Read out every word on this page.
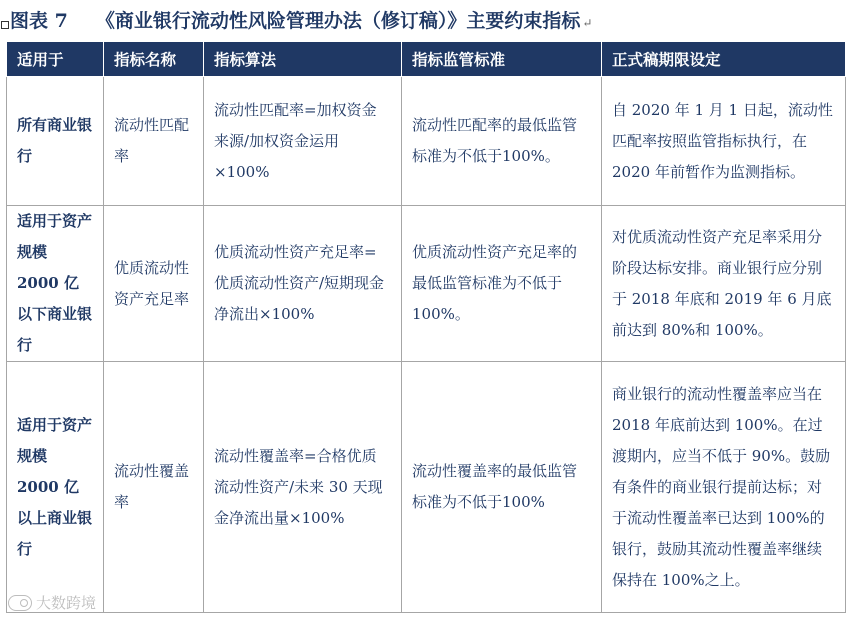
图表 7 《商业银行流动性风险管理办法（修订稿）》主要约束指标 ↵
适用于	指标名称	指标算法	指标监管标准	正式稿期限设定
所有商业银行	流动性匹配率	流动性匹配率=加权资金来源/加权资金运用×100%	流动性匹配率的最低监管标准为不低于100%。	自 2020 年 1 月 1 日起，流动性匹配率按照监管指标执行，在 2020 年前暂作为监测指标。
适用于资产规模 2000 亿以下商业银行	优质流动性资产充足率	优质流动性资产充足率=优质流动性资产/短期现金净流出×100%	优质流动性资产充足率的最低监管标准为不低于 100%。	对优质流动性资产充足率采用分阶段达标安排。商业银行应分别于 2018 年底和 2019 年 6 月底前达到 80%和 100%。
适用于资产规模 2000 亿以上商业银行	流动性覆盖率	流动性覆盖率=合格优质流动性资产/未来 30 天现金净流出量×100%	流动性覆盖率的最低监管标准为不低于100%	商业银行的流动性覆盖率应当在 2018 年底前达到 100%。在过渡期内，应当不低于 90%。鼓励有条件的商业银行提前达标；对于流动性覆盖率已达到 100%的银行，鼓励其流动性覆盖率继续保持在 100%之上。
大数跨境
